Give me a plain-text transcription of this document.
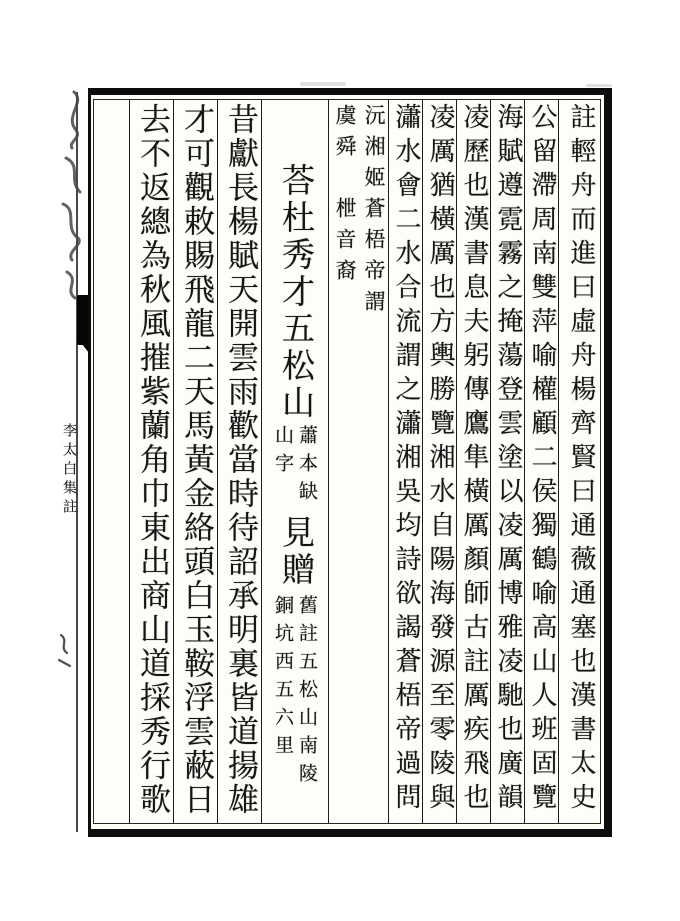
李太白集註	註輕舟而進曰虛舟楊齊賢曰通薇通塞也漢書太史
公留滯周南雙萍喻權顧二侯獨鶴喻高山人班固覽
海賦遵霓霧之掩蕩登雲塗以凌厲博雅凌馳也廣韻
凌歷也漢書息夫躬傳鷹隼橫厲顏師古註厲疾飛也
凌厲猶橫厲也方輿勝覽湘水自陽海發源至零陵與
瀟水會二水合流謂之瀟湘吳均詩欲謁蒼梧帝過問
沅湘姬蒼梧帝謂
虞舜　枻音裔
荅杜秀才五松山
蕭本缺
山字
見贈
舊註五松山南陵
銅坑西五六里
昔獻長楊賦天開雲雨歡當時待詔承明裏皆道揚雄
才可觀敕賜飛龍二天馬黃金絡頭白玉鞍浮雲蔽日
去不返總為秋風摧紫蘭角巾東出商山道採秀行歌
